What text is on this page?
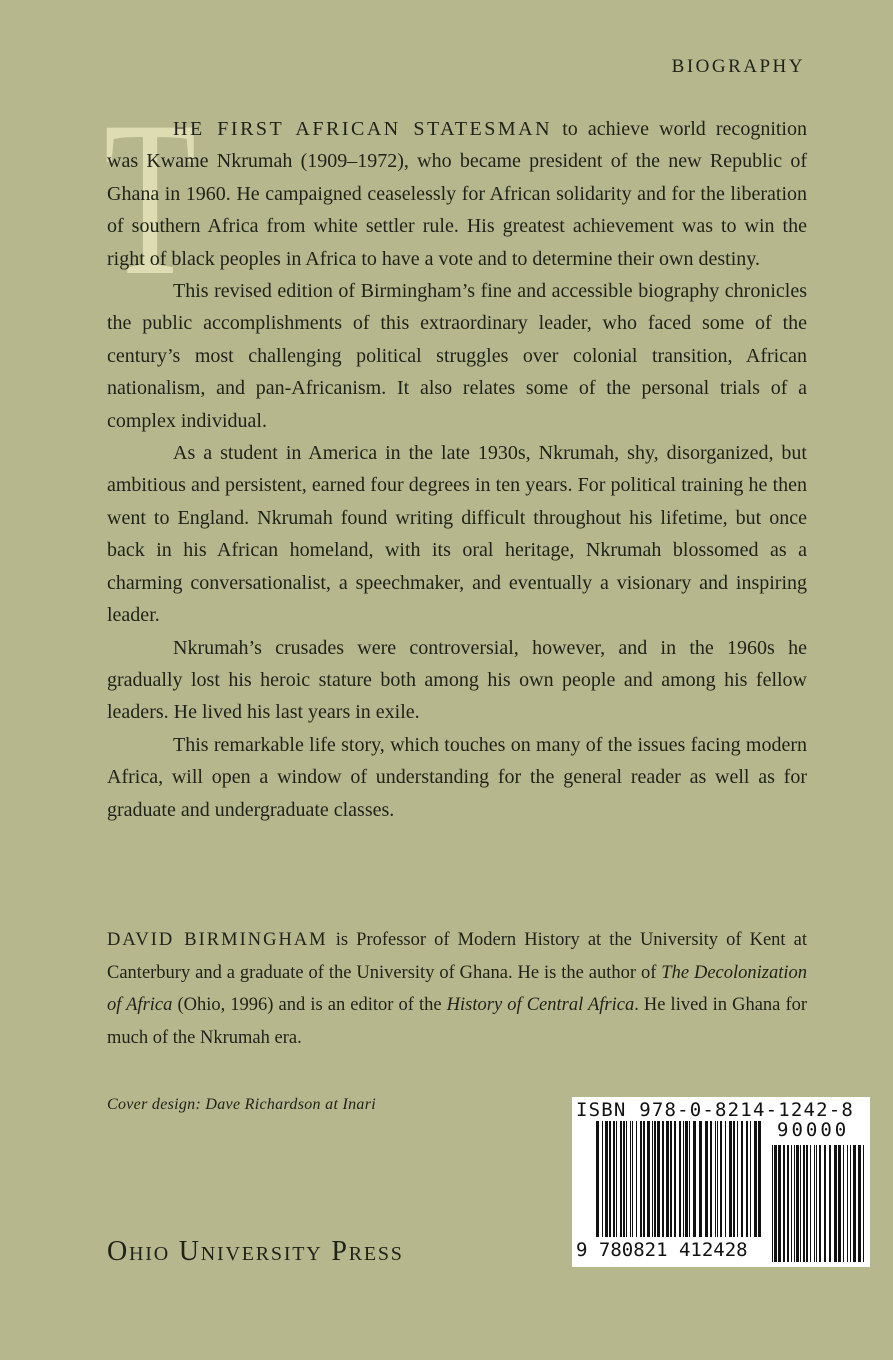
BIOGRAPHY
T

HE FIRST AFRICAN STATESMAN to achieve world recognition was Kwame Nkrumah (1909–1972), who became president of the new Republic of Ghana in 1960. He campaigned ceaselessly for African solidarity and for the liberation of southern Africa from white settler rule. His greatest achievement was to win the right of black peoples in Africa to have a vote and to determine their own destiny.

This revised edition of Birmingham’s fine and accessible biography chronicles the public accomplishments of this extraordinary leader, who faced some of the century’s most challenging political struggles over colonial transition, African nationalism, and pan-Africanism. It also relates some of the personal trials of a complex individual.

As a student in America in the late 1930s, Nkrumah, shy, disorganized, but ambitious and persistent, earned four degrees in ten years. For political training he then went to England. Nkrumah found writing difficult throughout his lifetime, but once back in his African homeland, with its oral heritage, Nkrumah blossomed as a charming conversationalist, a speechmaker, and eventually a visionary and inspiring leader.

Nkrumah’s crusades were controversial, however, and in the 1960s he gradually lost his heroic stature both among his own people and among his fellow leaders. He lived his last years in exile.

This remarkable life story, which touches on many of the issues facing modern Africa, will open a window of understanding for the general reader as well as for graduate and undergraduate classes.

DAVID BIRMINGHAM is Professor of Modern History at the University of Kent at Canterbury and a graduate of the University of Ghana. He is the author of The Decolonization of Africa (Ohio, 1996) and is an editor of the History of Central Africa. He lived in Ghana for much of the Nkrumah era.
Cover design: Dave Richardson at Inari
Ohio University Press
ISBN 978-0-8214-1242-8
90000
9 780821 412428
